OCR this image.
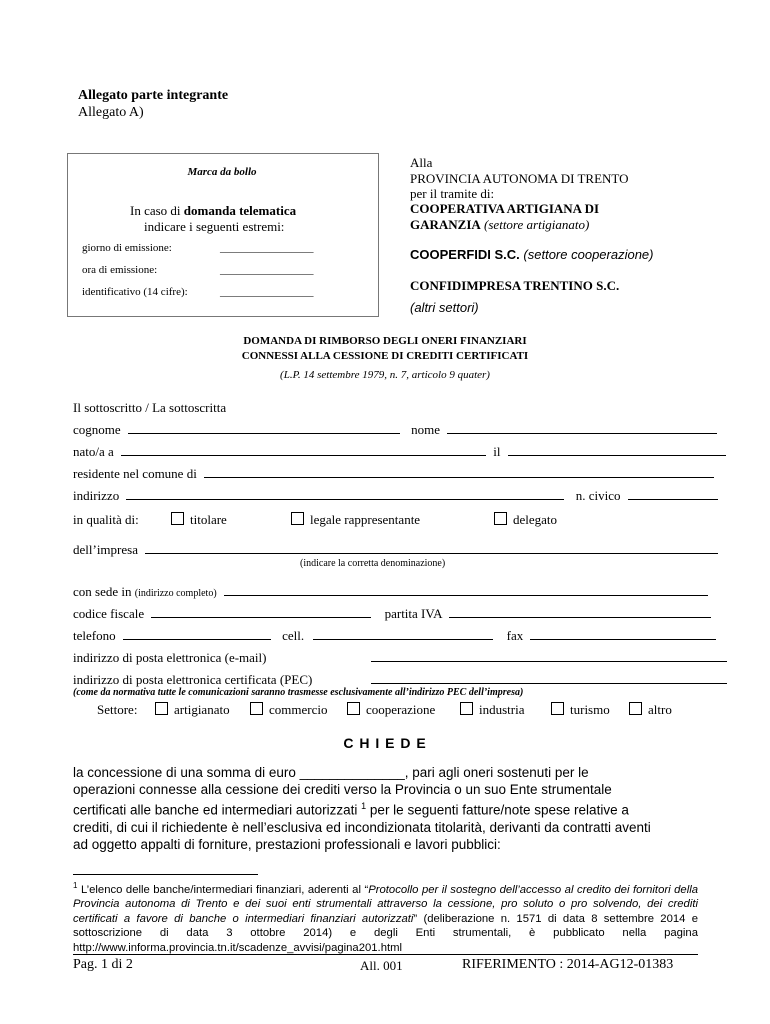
Allegato parte integrante
Allegato A)
Marca da bollo
In caso di domanda telematica
indicare i seguenti estremi:
giorno di emissione:	_________________
ora di emissione:	_________________
identificativo (14 cifre):	_________________
Alla
PROVINCIA AUTONOMA DI TRENTO
per il tramite di:
COOPERATIVA ARTIGIANA DI
GARANZIA (settore artigianato)
COOPERFIDI S.C. (settore cooperazione)
CONFIDIMPRESA TRENTINO S.C.
(altri settori)
DOMANDA DI RIMBORSO DEGLI ONERI FINANZIARI
CONNESSI ALLA CESSIONE DI CREDITI CERTIFICATI
(L.P. 14 settembre 1979, n. 7, articolo 9 quater)
Il sottoscritto / La sottoscritta
cognome	nome
nato/a a	il
residente nel comune di
indirizzo	n. civico
in qualità di:	titolare	legale rappresentante	delegato
dell’impresa
(indicare la corretta denominazione)
con sede in (indirizzo completo)
codice fiscale	partita IVA
telefono	cell.	fax
indirizzo di posta elettronica (e-mail)
indirizzo di posta elettronica certificata (PEC)
(come da normativa tutte le comunicazioni saranno trasmesse esclusivamente all’indirizzo PEC dell’impresa)
Settore:	artigianato	commercio	cooperazione	industria	turismo	altro
C H I E D E
la concessione di una somma di euro ______________, pari agli oneri sostenuti per le
operazioni connesse alla cessione dei crediti verso la Provincia o un suo Ente strumentale
certificati alle banche ed intermediari autorizzati $^1$ per le seguenti fatture/note spese relative a
crediti, di cui il richiedente è nell’esclusiva ed incondizionata titolarità, derivanti da contratti aventi
ad oggetto appalti di forniture, prestazioni professionali e lavori pubblici:
$^1$ L’elenco delle banche/intermediari finanziari, aderenti al “Protocollo per il sostegno dell’accesso al credito dei fornitori della Provincia autonoma di Trento e dei suoi enti strumentali attraverso la cessione, pro soluto o pro solvendo, dei crediti certificati a favore di banche o intermediari finanziari autorizzati” (deliberazione n. 1571 di data 8 settembre 2014 e sottoscrizione di data 3 ottobre 2014) e degli Enti strumentali, è pubblicato nella pagina http://www.informa.provincia.tn.it/scadenze_avvisi/pagina201.html
Pag. 1 di 2	All. 001	RIFERIMENTO : 2014-AG12-01383
